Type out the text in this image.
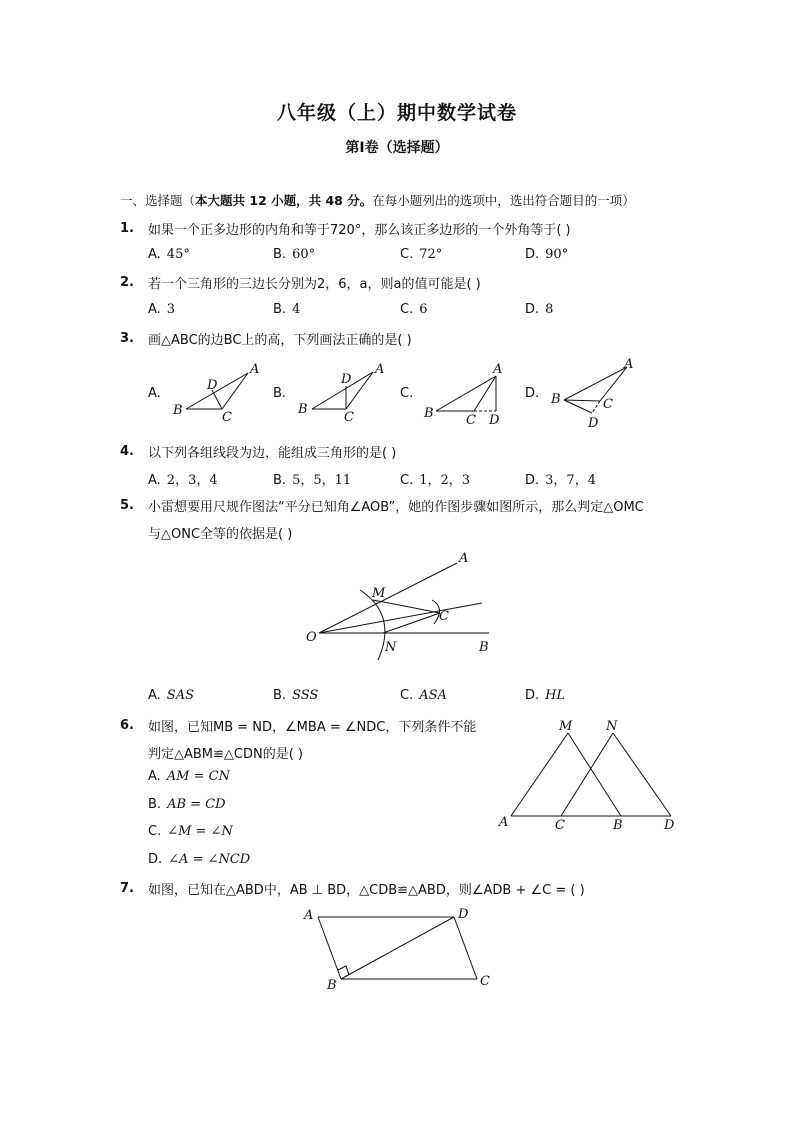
八年级（上）期中数学试卷
第Ⅰ卷（选择题）
一、选择题（本大题共 12 小题，共 48 分。在每小题列出的选项中，选出符合题目的一项）
1. 如果一个正多边形的内角和等于720°，那么该正多边形的一个外角等于( )
A. 45°	B. 60°	C. 72°	D. 90°
2. 若一个三角形的三边长分别为2，6，a，则a的值可能是( )
A. 3	B. 4	C. 6	D. 8
3. 画△ABC的边BC上的高，下列画法正确的是( )
A.	B.	C.	D.
A
B	C
D
A
B
C
D
A
B C D
A
B	C
D
A
M
C
O
N	B
M	N
A	C	B	D
A	D
B	C
4. 以下列各组线段为边，能组成三角形的是( )
A. 2，3，4	B. 5，5，11	C. 1，2，3	D. 3，7，4
5. 小雷想要用尺规作图法“平分已知角∠AOB”，她的作图步骤如图所示，那么判定△OMC
与△ONC全等的依据是( )
A. SAS	B. SSS	C. ASA	D. HL
6. 如图，已知MB = ND，∠MBA = ∠NDC，下列条件不能
判定△ABM≌△CDN的是( )
A. AM = CN
B. AB = CD
C. ∠M = ∠N
D. ∠A = ∠NCD
7. 如图，已知在△ABD中，AB ⊥ BD，△CDB≌△ABD，则∠ADB + ∠C = ( )
